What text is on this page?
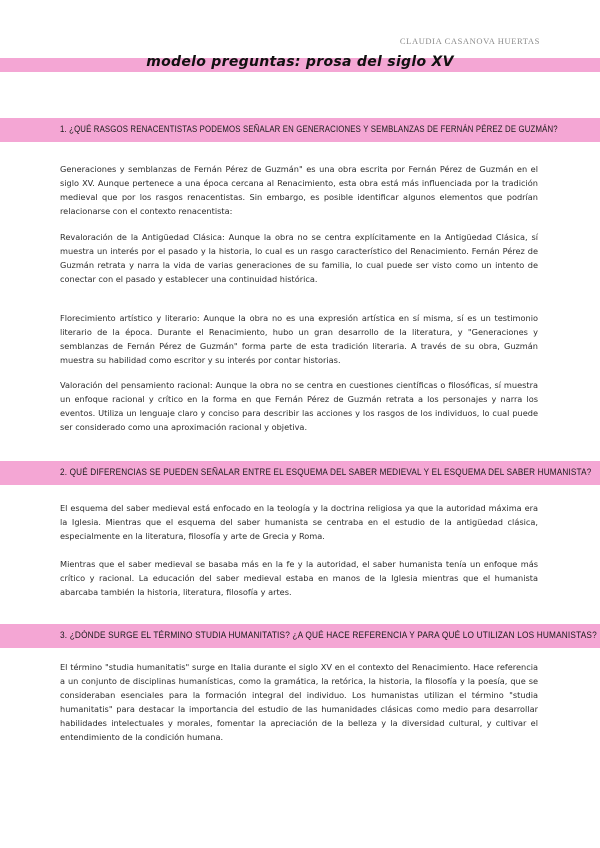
CLAUDIA CASANOVA HUERTAS
modelo preguntas: prosa del siglo XV
1. ¿QUÉ RASGOS RENACENTISTAS PODEMOS SEÑALAR EN GENERACIONES Y SEMBLANZAS DE FERNÁN PÉREZ DE GUZMÁN?

Generaciones y semblanzas de Fernán Pérez de Guzmán" es una obra escrita por Fernán Pérez de Guzmán en el siglo XV. Aunque pertenece a una época cercana al Renacimiento, esta obra está más influenciada por la tradición medieval que por los rasgos renacentistas. Sin embargo, es posible identificar algunos elementos que podrían relacionarse con el contexto renacentista:

Revaloración de la Antigüedad Clásica: Aunque la obra no se centra explícitamente en la Antigüedad Clásica, sí muestra un interés por el pasado y la historia, lo cual es un rasgo característico del Renacimiento. Fernán Pérez de Guzmán retrata y narra la vida de varias generaciones de su familia, lo cual puede ser visto como un intento de conectar con el pasado y establecer una continuidad histórica.

Florecimiento artístico y literario: Aunque la obra no es una expresión artística en sí misma, sí es un testimonio literario de la época. Durante el Renacimiento, hubo un gran desarrollo de la literatura, y "Generaciones y semblanzas de Fernán Pérez de Guzmán" forma parte de esta tradición literaria. A través de su obra, Guzmán muestra su habilidad como escritor y su interés por contar historias.

Valoración del pensamiento racional: Aunque la obra no se centra en cuestiones científicas o filosóficas, sí muestra un enfoque racional y crítico en la forma en que Fernán Pérez de Guzmán retrata a los personajes y narra los eventos. Utiliza un lenguaje claro y conciso para describir las acciones y los rasgos de los individuos, lo cual puede ser considerado como una aproximación racional y objetiva.

2. QUÉ DIFERENCIAS SE PUEDEN SEÑALAR ENTRE EL ESQUEMA DEL SABER MEDIEVAL Y EL ESQUEMA DEL SABER HUMANISTA?

El esquema del saber medieval está enfocado en la teología y la doctrina religiosa ya que la autoridad máxima era la Iglesia. Mientras que el esquema del saber humanista se centraba en el estudio de la antigüedad clásica, especialmente en la literatura, filosofía y arte de Grecia y Roma.

Mientras que el saber medieval se basaba más en la fe y la autoridad, el saber humanista tenía un enfoque más crítico y racional. La educación del saber medieval estaba en manos de la Iglesia mientras que el humanista abarcaba también la historia, literatura, filosofía y artes.

3. ¿DÓNDE SURGE EL TÉRMINO STUDIA HUMANITATIS? ¿A QUÉ HACE REFERENCIA Y PARA QUÉ LO UTILIZAN LOS HUMANISTAS?

El término "studia humanitatis" surge en Italia durante el siglo XV en el contexto del Renacimiento. Hace referencia a un conjunto de disciplinas humanísticas, como la gramática, la retórica, la historia, la filosofía y la poesía, que se consideraban esenciales para la formación integral del individuo. Los humanistas utilizan el término "studia humanitatis" para destacar la importancia del estudio de las humanidades clásicas como medio para desarrollar habilidades intelectuales y morales, fomentar la apreciación de la belleza y la diversidad cultural, y cultivar el entendimiento de la condición humana.
